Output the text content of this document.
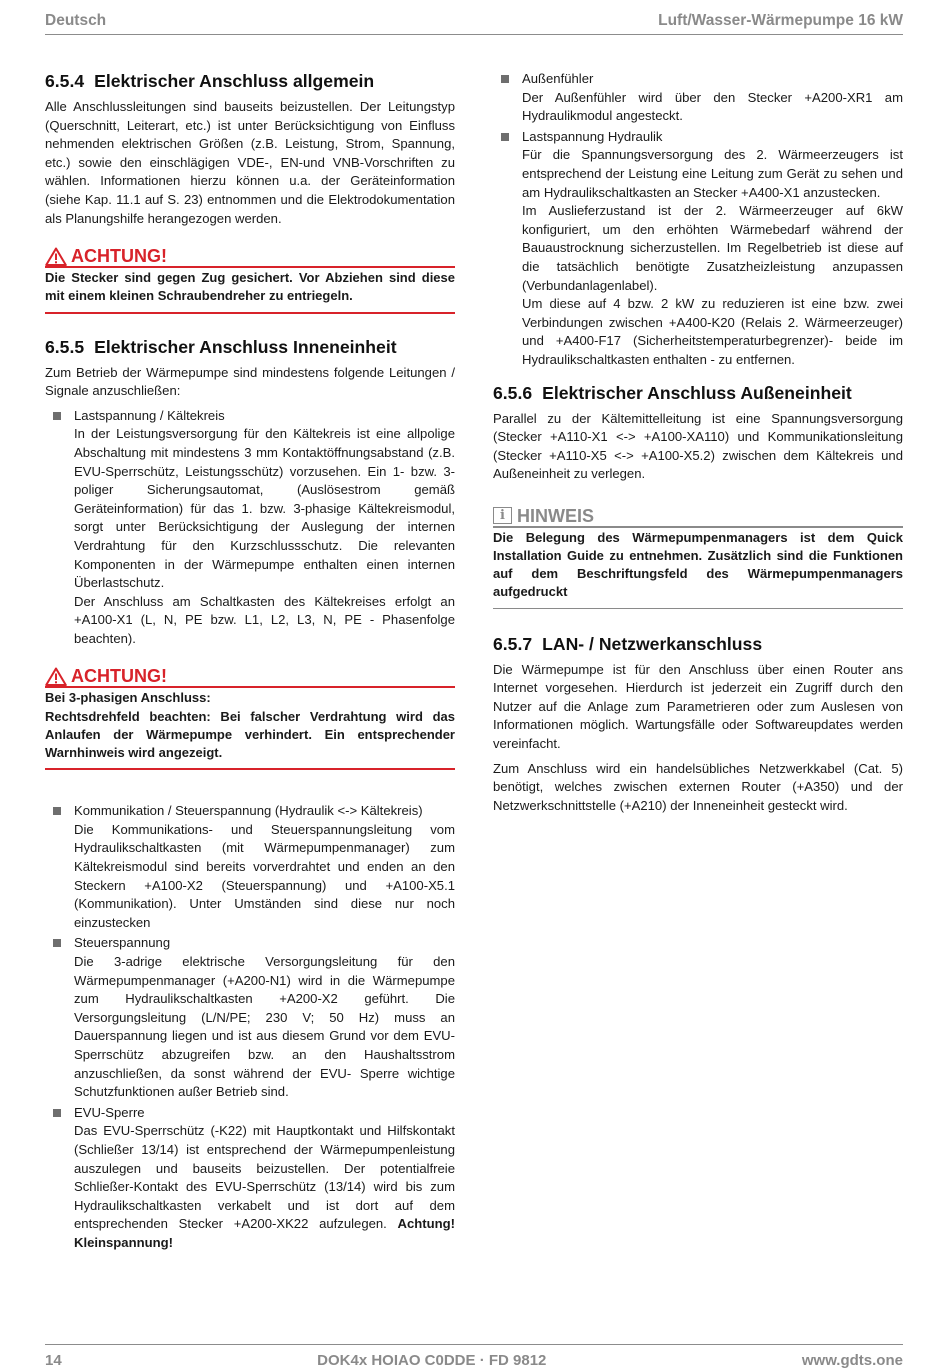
Deutsch	Luft/Wasser-Wärmepumpe 16 kW
6.5.4 Elektrischer Anschluss allgemein

Alle Anschlussleitungen sind bauseits beizustellen. Der Leitungstyp (Querschnitt, Leiterart, etc.) ist unter Berücksichtigung von Einfluss nehmenden elektrischen Größen (z.B. Leistung, Strom, Spannung, etc.) sowie den einschlägigen VDE-, EN-und VNB-Vorschriften zu wählen. Informationen hierzu können u.a. der Geräteinformation (siehe Kap. 11.1 auf S. 23) entnommen und die Elektrodokumentation als Planungshilfe herangezogen werden.

ACHTUNG!
Die Stecker sind gegen Zug gesichert. Vor Abziehen sind diese mit einem kleinen Schraubendreher zu entriegeln.
6.5.5 Elektrischer Anschluss Inneneinheit

Zum Betrieb der Wärmepumpe sind mindestens folgende Leitungen / Signale anzuschließen:

Lastspannung / Kältekreis
In der Leistungsversorgung für den Kältekreis ist eine allpolige Abschaltung mit mindestens 3 mm Kontaktöffnungsabstand (z.B. EVU-Sperrschütz, Leistungsschütz) vorzusehen. Ein 1- bzw. 3-poliger Sicherungsautomat, (Auslösestrom gemäß Geräteinformation) für das 1. bzw. 3-phasige Kältekreismodul, sorgt unter Berücksichtigung der Auslegung der internen Verdrahtung für den Kurzschlussschutz. Die relevanten Komponenten in der Wärmepumpe enthalten einen internen Überlastschutz.
Der Anschluss am Schaltkasten des Kältekreises erfolgt an +A100-X1 (L, N, PE bzw. L1, L2, L3, N, PE - Phasenfolge beachten).
ACHTUNG!
Bei 3-phasigen Anschluss:
Rechtsdrehfeld beachten: Bei falscher Verdrahtung wird das Anlaufen der Wärmepumpe verhindert. Ein entsprechender Warnhinweis wird angezeigt.
Kommunikation / Steuerspannung (Hydraulik <-> Kältekreis)
Die Kommunikations- und Steuerspannungsleitung vom Hydraulikschaltkasten (mit Wärmepumpenmanager) zum Kältekreismodul sind bereits vorverdrahtet und enden an den Steckern +A100-X2 (Steuerspannung) und +A100-X5.1 (Kommunikation). Unter Umständen sind diese nur noch einzustecken
Steuerspannung
Die 3-adrige elektrische Versorgungsleitung für den Wärmepumpenmanager (+A200-N1) wird in die Wärmepumpe zum Hydraulikschaltkasten +A200-X2 geführt. Die Versorgungsleitung (L/N/PE; 230 V; 50 Hz) muss an Dauerspannung liegen und ist aus diesem Grund vor dem EVU-Sperrschütz abzugreifen bzw. an den Haushaltsstrom anzuschließen, da sonst während der EVU- Sperre wichtige Schutzfunktionen außer Betrieb sind.
EVU-Sperre
Das EVU-Sperrschütz (-K22) mit Hauptkontakt und Hilfskontakt (Schließer 13/14) ist entsprechend der Wärmepumpenleistung auszulegen und bauseits beizustellen. Der potentialfreie Schließer-Kontakt des EVU-Sperrschütz (13/14) wird bis zum Hydraulikschaltkasten verkabelt und ist dort auf dem entsprechenden Stecker +A200-XK22 aufzulegen. Achtung! Kleinspannung!
Außenfühler
Der Außenfühler wird über den Stecker +A200-XR1 am Hydraulikmodul angesteckt.
Lastspannung Hydraulik
Für die Spannungsversorgung des 2. Wärmeerzeugers ist entsprechend der Leistung eine Leitung zum Gerät zu sehen und am Hydraulikschaltkasten an Stecker +A400-X1 anzustecken.
Im Auslieferzustand ist der 2. Wärmeerzeuger auf 6kW konfiguriert, um den erhöhten Wärmebedarf während der Bauaustrocknung sicherzustellen. Im Regelbetrieb ist diese auf die tatsächlich benötigte Zusatzheizleistung anzupassen (Verbundanlagenlabel).
Um diese auf 4 bzw. 2 kW zu reduzieren ist eine bzw. zwei Verbindungen zwischen +A400-K20 (Relais 2. Wärmeerzeuger) und +A400-F17 (Sicherheitstemperaturbegrenzer)- beide im Hydraulikschaltkasten enthalten - zu entfernen.
6.5.6 Elektrischer Anschluss Außeneinheit

Parallel zu der Kältemittelleitung ist eine Spannungsversorgung (Stecker +A110-X1 <-> +A100-XA110) und Kommunikationsleitung (Stecker +A110-X5 <-> +A100-X5.2) zwischen dem Kältekreis und Außeneinheit zu verlegen.

i HINWEIS
Die Belegung des Wärmepumpenmanagers ist dem Quick Installation Guide zu entnehmen. Zusätzlich sind die Funktionen auf dem Beschriftungsfeld des Wärmepumpenmanagers aufgedruckt
6.5.7 LAN- / Netzwerkanschluss

Die Wärmepumpe ist für den Anschluss über einen Router ans Internet vorgesehen. Hierdurch ist jederzeit ein Zugriff durch den Nutzer auf die Anlage zum Parametrieren oder zum Auslesen von Informationen möglich. Wartungsfälle oder Softwareupdates werden vereinfacht.

Zum Anschluss wird ein handelsübliches Netzwerkkabel (Cat. 5) benötigt, welches zwischen externen Router (+A350) und der Netzwerkschnittstelle (+A210) der Inneneinheit gesteckt wird.

14	DOK4x HOIAO C0DDE · FD 9812	www.gdts.one
